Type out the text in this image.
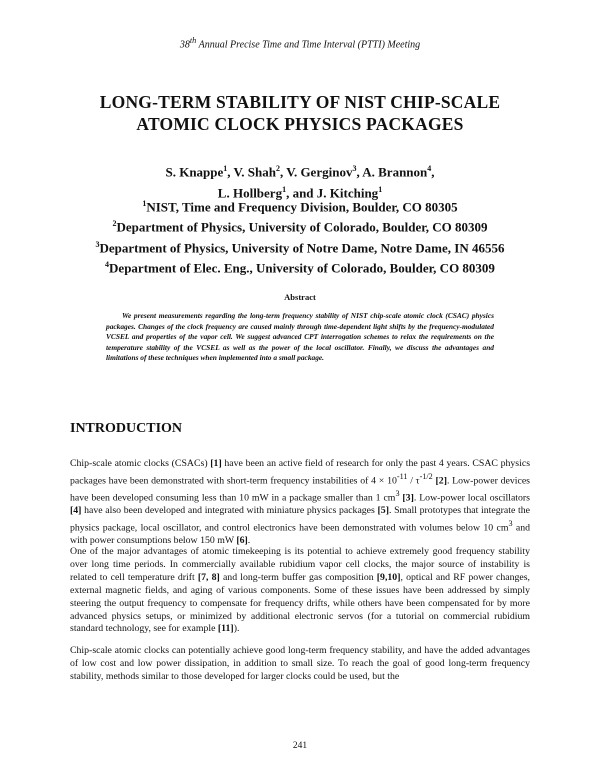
38th Annual Precise Time and Time Interval (PTTI) Meeting
LONG-TERM STABILITY OF NIST CHIP-SCALE
ATOMIC CLOCK PHYSICS PACKAGES
S. Knappe$^1$, V. Shah$^2$, V. Gerginov$^3$, A. Brannon$^4$,
L. Hollberg$^1$, and J. Kitching$^1$
$^1$NIST, Time and Frequency Division, Boulder, CO 80305
$^2$Department of Physics, University of Colorado, Boulder, CO 80309
$^3$Department of Physics, University of Notre Dame, Notre Dame, IN 46556
$^4$Department of Elec. Eng., University of Colorado, Boulder, CO 80309
Abstract
We present measurements regarding the long-term frequency stability of NIST chip-scale atomic clock (CSAC) physics packages. Changes of the clock frequency are caused mainly through time-dependent light shifts by the frequency-modulated VCSEL and properties of the vapor cell. We suggest advanced CPT interrogation schemes to relax the requirements on the temperature stability of the VCSEL as well as the power of the local oscillator. Finally, we discuss the advantages and limitations of these techniques when implemented into a small package.
INTRODUCTION
Chip-scale atomic clocks (CSACs) [1] have been an active field of research for only the past 4 years. CSAC physics packages have been demonstrated with short-term frequency instabilities of $4 \times 10^{-11} / \tau^{-1/2}$ [2]. Low-power devices have been developed consuming less than 10 mW in a package smaller than 1 $cm^3$ [3]. Low-power local oscillators [4] have also been developed and integrated with miniature physics packages [5]. Small prototypes that integrate the physics package, local oscillator, and control electronics have been demonstrated with volumes below 10 $cm^3$ and with power consumptions below 150 mW [6].
One of the major advantages of atomic timekeeping is its potential to achieve extremely good frequency stability over long time periods. In commercially available rubidium vapor cell clocks, the major source of instability is related to cell temperature drift [7, 8] and long-term buffer gas composition [9,10], optical and RF power changes, external magnetic fields, and aging of various components. Some of these issues have been addressed by simply steering the output frequency to compensate for frequency drifts, while others have been compensated for by more advanced physics setups, or minimized by additional electronic servos (for a tutorial on commercial rubidium standard technology, see for example [11]).
Chip-scale atomic clocks can potentially achieve good long-term frequency stability, and have the added advantages of low cost and low power dissipation, in addition to small size. To reach the goal of good long-term frequency stability, methods similar to those developed for larger clocks could be used, but the
241
